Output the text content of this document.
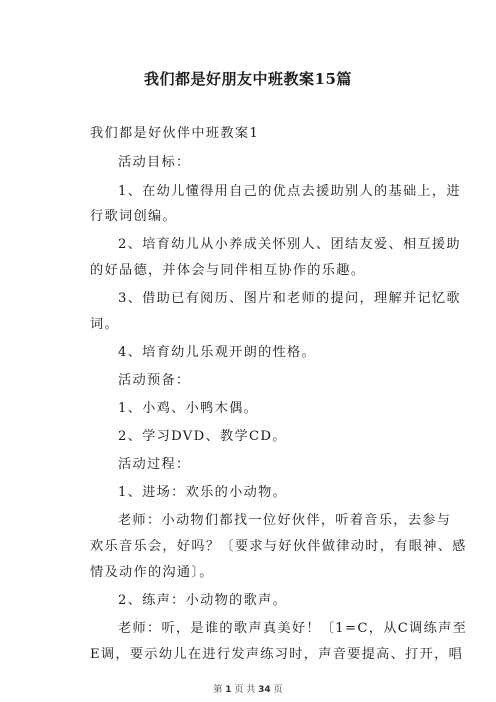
我们都是好朋友中班教案15篇
我们都是好伙伴中班教案1
活动目标：
1、在幼儿懂得用自己的优点去援助别人的基础上，进
行歌词创编。
2、培育幼儿从小养成关怀别人、团结友爱、相互援助
的好品德，并体会与同伴相互协作的乐趣。
3、借助已有阅历、图片和老师的提问，理解并记忆歌
词。
4、培育幼儿乐观开朗的性格。
活动预备：
1、小鸡、小鸭木偶。
2、学习DVD、教学CD。
活动过程：
1、进场：欢乐的小动物。
老师：小动物们都找一位好伙伴，听着音乐，去参与
欢乐音乐会，好吗？〔要求与好伙伴做律动时，有眼神、感
情及动作的沟通〕。
2、练声：小动物的歌声。
老师：听，是谁的歌声真美好！〔1=C，从C调练声至
E调，要示幼儿在进行发声练习时，声音要提高、打开，唱
第 1 页 共 34 页
